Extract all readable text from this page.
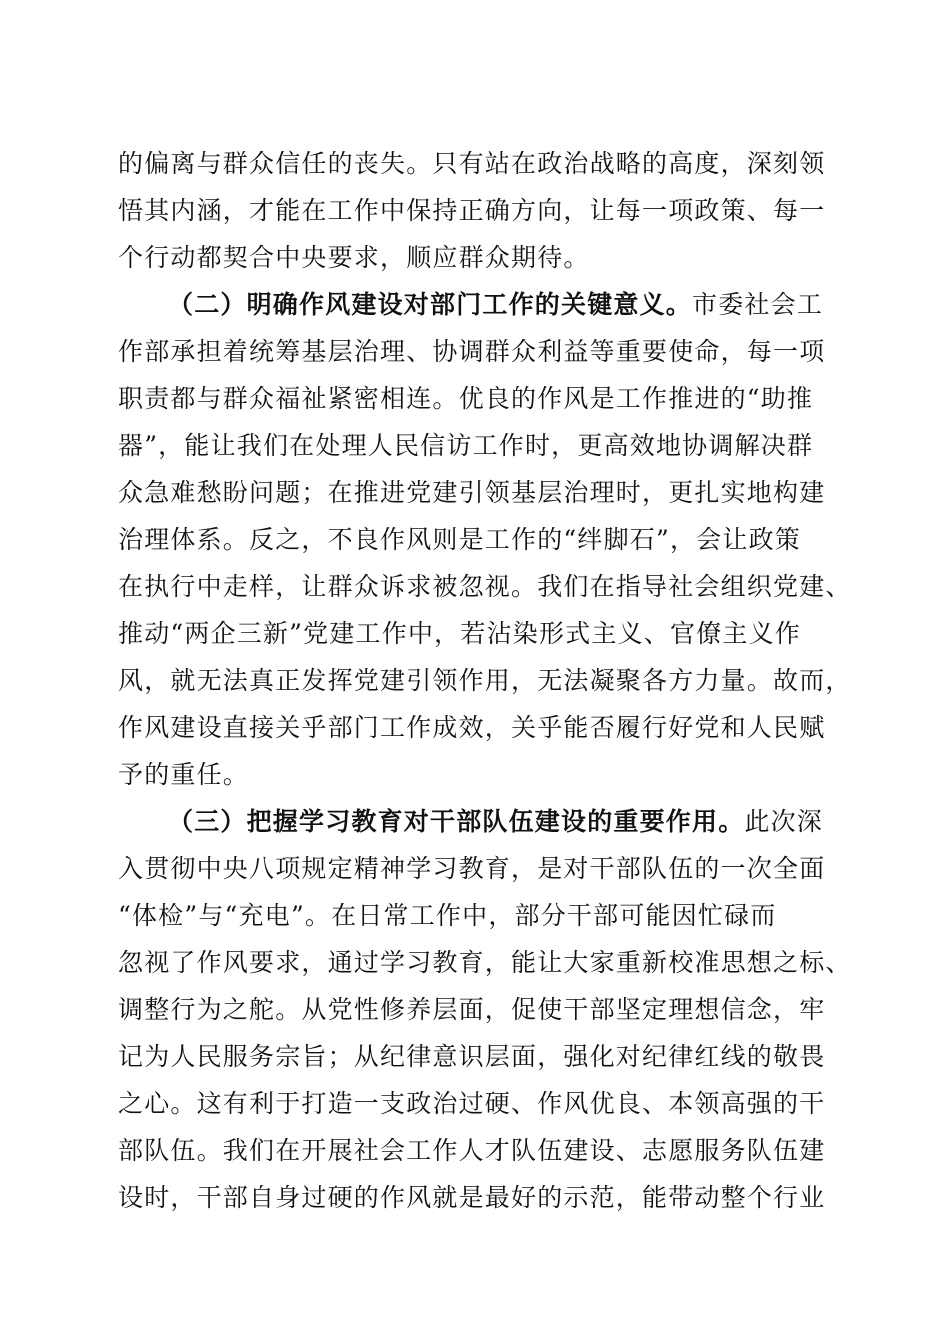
的偏离与群众信任的丧失。只有站在政治战略的高度，深刻领
悟其内涵，才能在工作中保持正确方向，让每一项政策、每一
个行动都契合中央要求，顺应群众期待。
（二）明确作风建设对部门工作的关键意义。市委社会工
作部承担着统筹基层治理、协调群众利益等重要使命，每一项
职责都与群众福祉紧密相连。优良的作风是工作推进的“助推
器”，能让我们在处理人民信访工作时，更高效地协调解决群
众急难愁盼问题；在推进党建引领基层治理时，更扎实地构建
治理体系。反之，不良作风则是工作的“绊脚石”，会让政策
在执行中走样，让群众诉求被忽视。我们在指导社会组织党建、
推动“两企三新”党建工作中，若沾染形式主义、官僚主义作
风，就无法真正发挥党建引领作用，无法凝聚各方力量。故而，
作风建设直接关乎部门工作成效，关乎能否履行好党和人民赋
予的重任。
（三）把握学习教育对干部队伍建设的重要作用。此次深
入贯彻中央八项规定精神学习教育，是对干部队伍的一次全面
“体检”与“充电”。在日常工作中，部分干部可能因忙碌而
忽视了作风要求，通过学习教育，能让大家重新校准思想之标、
调整行为之舵。从党性修养层面，促使干部坚定理想信念，牢
记为人民服务宗旨；从纪律意识层面，强化对纪律红线的敬畏
之心。这有利于打造一支政治过硬、作风优良、本领高强的干
部队伍。我们在开展社会工作人才队伍建设、志愿服务队伍建
设时，干部自身过硬的作风就是最好的示范，能带动整个行业
